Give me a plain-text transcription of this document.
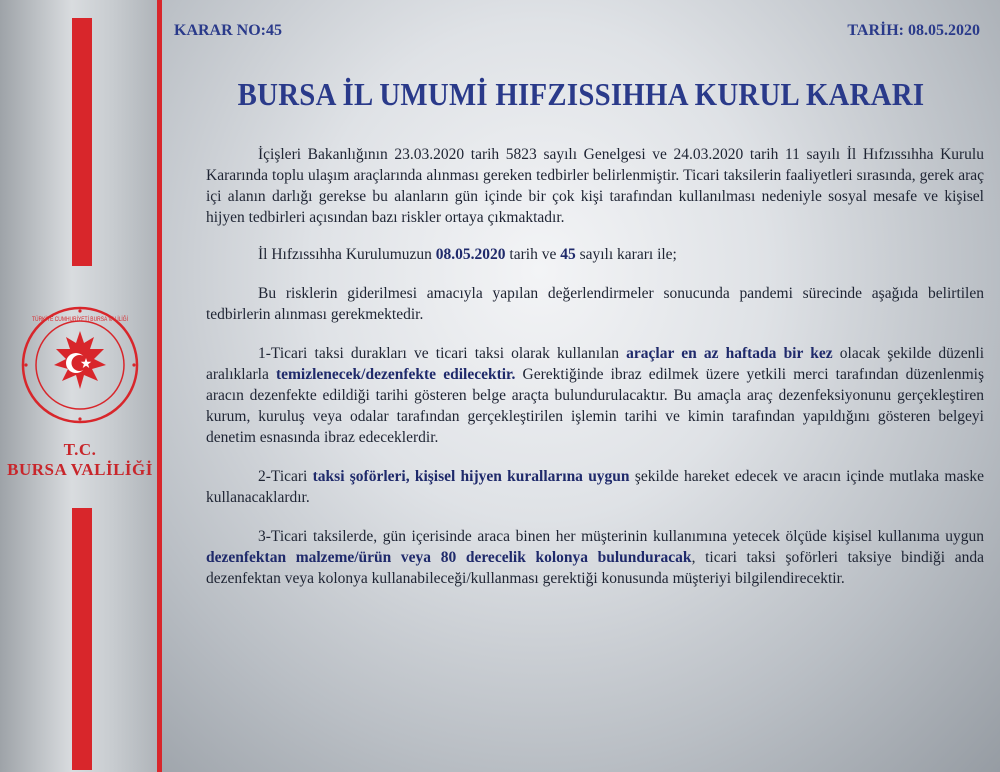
TÜRKİYE CUMHURİYETİ BURSA VALİLİĞİ
T.C.
BURSA VALİLİĞİ
KARAR NO:45	TARİH: 08.05.2020
BURSA İL UMUMİ HIFZISSIHHA KURUL KARARI

İçişleri Bakanlığının 23.03.2020 tarih 5823 sayılı Genelgesi ve 24.03.2020 tarih 11 sayılı İl Hıfzıssıhha Kurulu Kararında toplu ulaşım araçlarında alınması gereken tedbirler belirlenmiştir. Ticari taksilerin faaliyetleri sırasında, gerek araç içi alanın darlığı gerekse bu alanların gün içinde bir çok kişi tarafından kullanılması nedeniyle sosyal mesafe ve kişisel hijyen tedbirleri açısından bazı riskler ortaya çıkmaktadır.

İl Hıfzıssıhha Kurulumuzun 08.05.2020 tarih ve 45 sayılı kararı ile;

Bu risklerin giderilmesi amacıyla yapılan değerlendirmeler sonucunda pandemi sürecinde aşağıda belirtilen tedbirlerin alınması gerekmektedir.

1-Ticari taksi durakları ve ticari taksi olarak kullanılan araçlar en az haftada bir kez olacak şekilde düzenli aralıklarla temizlenecek/dezenfekte edilecektir. Gerektiğinde ibraz edilmek üzere yetkili merci tarafından düzenlenmiş aracın dezenfekte edildiği tarihi gösteren belge araçta bulundurulacaktır. Bu amaçla araç dezenfeksiyonunu gerçekleştiren kurum, kuruluş veya odalar tarafından gerçekleştirilen işlemin tarihi ve kimin tarafından yapıldığını gösteren belgeyi denetim esnasında ibraz edeceklerdir.

2-Ticari taksi şoförleri, kişisel hijyen kurallarına uygun şekilde hareket edecek ve aracın içinde mutlaka maske kullanacaklardır.

3-Ticari taksilerde, gün içerisinde araca binen her müşterinin kullanımına yetecek ölçüde kişisel kullanıma uygun dezenfektan malzeme/ürün veya 80 derecelik kolonya bulunduracak, ticari taksi şoförleri taksiye bindiği anda dezenfektan veya kolonya kullanabileceği/kullanması gerektiği konusunda müşteriyi bilgilendirecektir.
